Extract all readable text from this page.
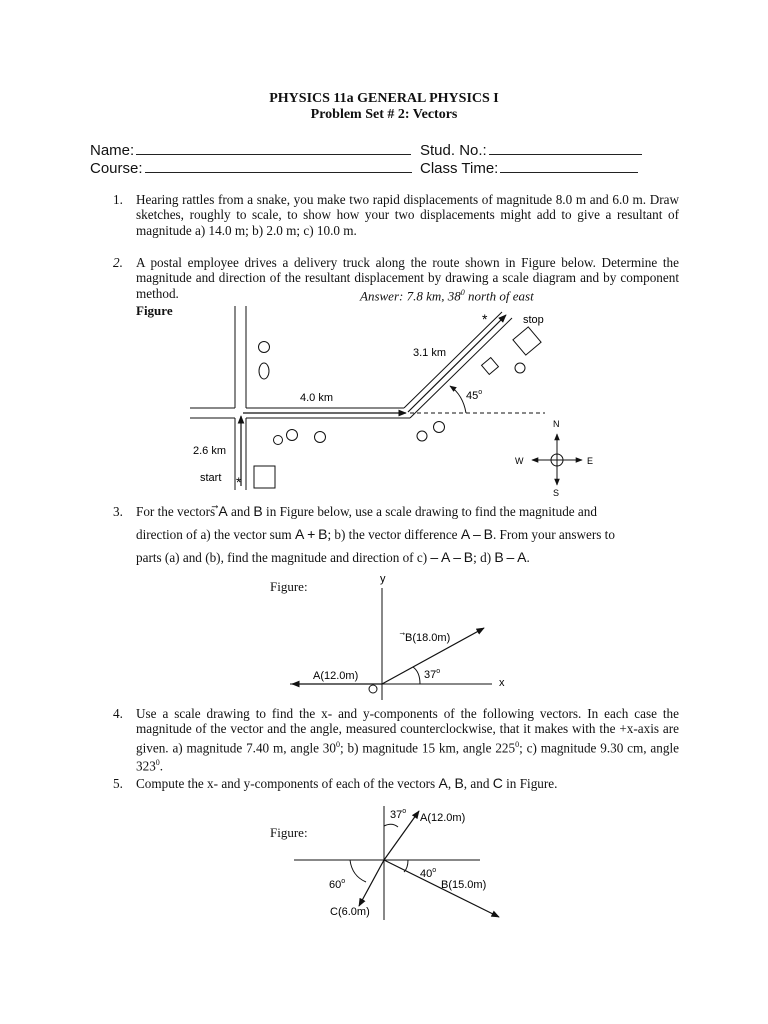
PHYSICS 11a GENERAL PHYSICS I
Problem Set # 2: Vectors
Name:	Stud. No.:
Course:	Class Time:
1. Hearing rattles from a snake, you make two rapid displacements of magnitude 8.0 m and 6.0 m. Draw sketches, roughly to scale, to show how your two displacements might add to give a resultant of magnitude a) 14.0 m; b) 2.0 m; c) 10.0 m.
2. A postal employee drives a delivery truck along the route shown in Figure below. Determine the magnitude and direction of the resultant displacement by drawing a scale diagram and by component method.	Answer: 7.8 km, $38^0$ north of east
Figure
*
*
stop
3.1 km
4.0 km
2.6 km
start
45$^o$
N
S
E
W
3. For the vectors A and B in Figure below, use a scale drawing to find the magnitude and
direction of a) the vector sum A  +  B; b) the vector difference A  –  B. From your answers to
parts (a) and (b), find the magnitude and direction of c) –  A  –  B; d) B  –  A.
Figure:	y
x
B(18.0m)
A(12.0m)	37$^o$
4. Use a scale drawing to find the x- and y-components of the following vectors. In each case the magnitude of the vector and the angle, measured counterclockwise, that it makes with the +x-axis are given. a) magnitude 7.40 m, angle $30^0$; b) magnitude 15 km, angle $225^0$; c) magnitude 9.30 cm, angle $323^0$.
5. Compute the x- and y-components of each of the vectors A, B, and C in Figure.
Figure:
37$^o$
A(12.0m)
40$^o$
B(15.0m)
60$^o$
C(6.0m)
